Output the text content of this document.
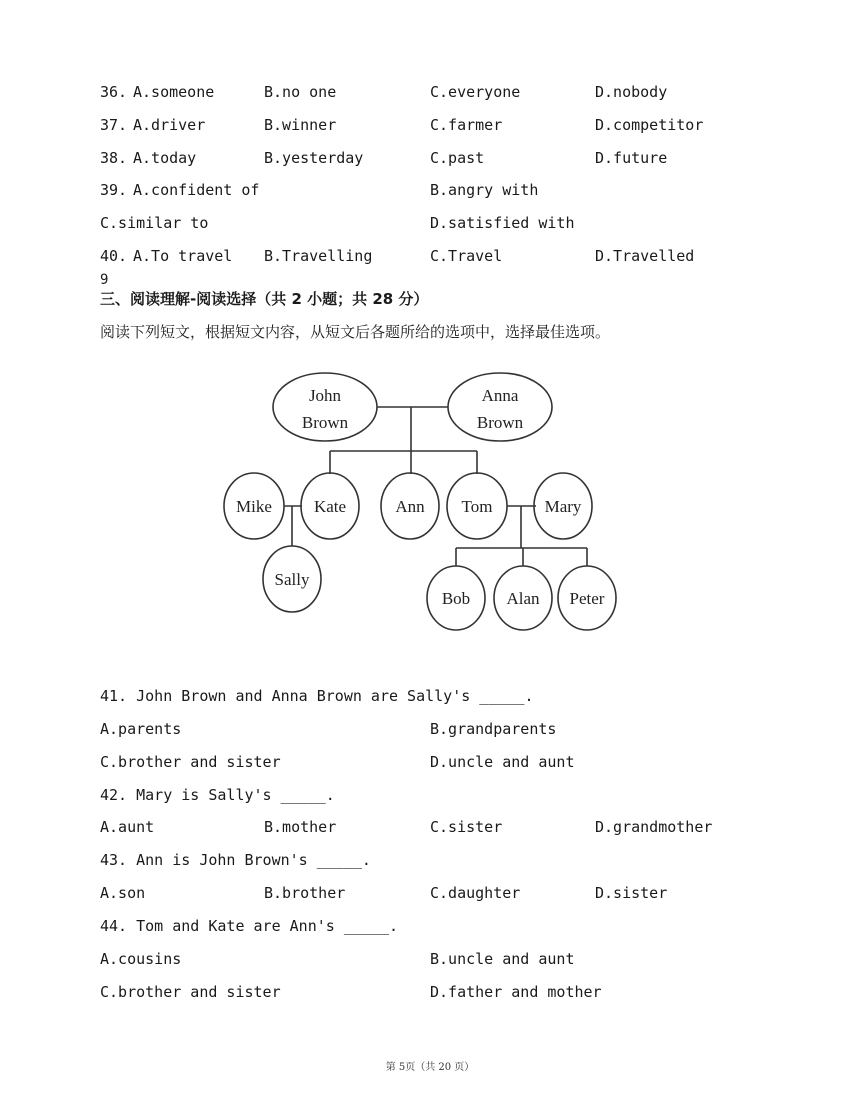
36. A.someone	B.no one	C.everyone	D.nobody
37. A.driver	B.winner	C.farmer	D.competitor
38. A.today	B.yesterday	C.past	D.future
39. A.confident of	B.angry with
C.similar to	D.satisfied with
40. A.To travel B.Travelling	C.Travel	D.Travelled
9
三、阅读理解-阅读选择（共 2 小题；共 28 分）
阅读下列短文，根据短文内容，从短文后各题所给的选项中，选择最佳选项。
John
Brown
Anna
Brown
Mike Kate	Ann Tom	Mary
Sally
Bob Alan Peter
41. John Brown and Anna Brown are Sally's _____.
A.parents	B.grandparents
C.brother and sister	D.uncle and aunt
42. Mary is Sally's _____.
A.aunt	B.mother	C.sister	D.grandmother
43. Ann is John Brown's _____.
A.son	B.brother	C.daughter	D.sister
44. Tom and Kate are Ann's _____.
A.cousins	B.uncle and aunt
C.brother and sister	D.father and mother
第 5页（共 20 页）
